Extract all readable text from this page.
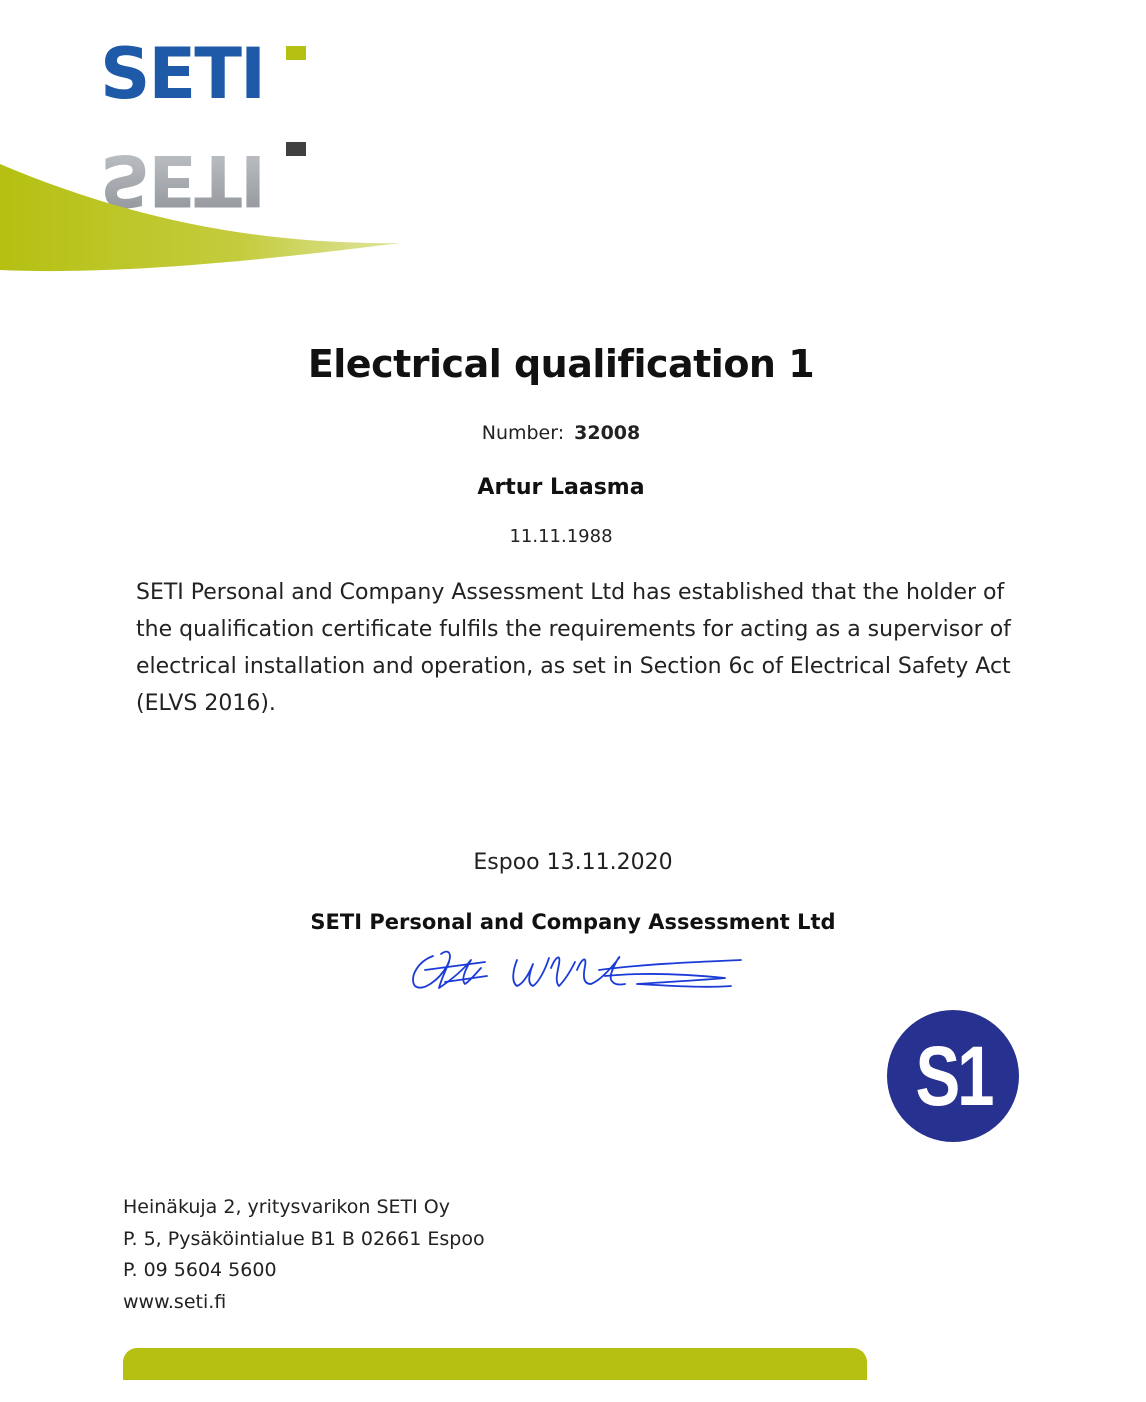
SETI
SETI
Electrical qualification 1
Number: 32008
Artur Laasma
11.11.1988
SETI Personal and Company Assessment Ltd has established that the holder of the qualification certificate fulfils the requirements for acting as a supervisor of electrical installation and operation, as set in Section 6c of Electrical Safety Act (ELVS 2016).
Espoo 13.11.2020
SETI Personal and Company Assessment Ltd
S1
Heinäkuja 2, yritysvarikon SETI Oy
P. 5, Pysäköintialue B1 B 02661 Espoo
P. 09 5604 5600
www.seti.fi
